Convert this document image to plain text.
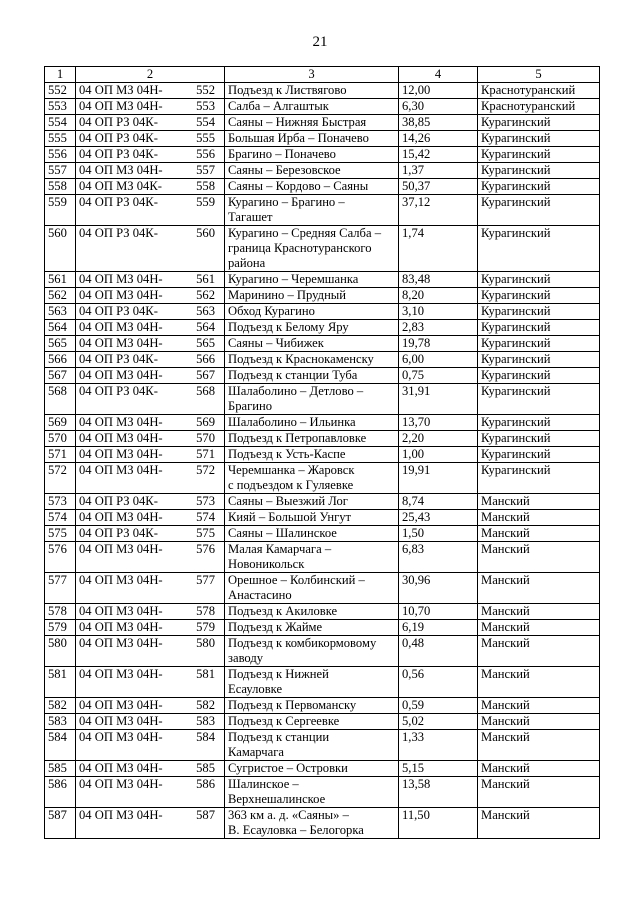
21
1	2	3	4	5
552	04 ОП МЗ 04Н- 552	Подъезд к Листвягово	12,00	Краснотуранский
553	04 ОП МЗ 04Н- 553	Салба – Алгаштык	6,30	Краснотуранский
554	04 ОП РЗ 04К- 554	Саяны – Нижняя Быстрая	38,85	Курагинский
555	04 ОП РЗ 04К- 555	Большая Ирба – Поначево	14,26	Курагинский
556	04 ОП РЗ 04К- 556	Брагино – Поначево	15,42	Курагинский
557	04 ОП МЗ 04Н- 557	Саяны – Березовское	1,37	Курагинский
558	04 ОП МЗ 04К- 558	Саяны – Кордово – Саяны	50,37	Курагинский
559	04 ОП РЗ 04К- 559	Курагино – Брагино –
Тагашет	37,12	Курагинский
560	04 ОП РЗ 04К- 560	Курагино – Средняя Салба –
граница Краснотуранского
района	1,74	Курагинский
561	04 ОП МЗ 04Н- 561	Курагино – Черемшанка	83,48	Курагинский
562	04 ОП МЗ 04Н- 562	Маринино – Прудный	8,20	Курагинский
563	04 ОП РЗ 04К- 563	Обход Курагино	3,10	Курагинский
564	04 ОП МЗ 04Н- 564	Подъезд к Белому Яру	2,83	Курагинский
565	04 ОП МЗ 04Н- 565	Саяны – Чибижек	19,78	Курагинский
566	04 ОП РЗ 04К- 566	Подъезд к Краснокаменску	6,00	Курагинский
567	04 ОП МЗ 04Н- 567	Подъезд к станции Туба	0,75	Курагинский
568	04 ОП РЗ 04К- 568	Шалаболино – Детлово –
Брагино	31,91	Курагинский
569	04 ОП МЗ 04Н- 569	Шалаболино – Ильинка	13,70	Курагинский
570	04 ОП МЗ 04Н- 570	Подъезд к Петропавловке	2,20	Курагинский
571	04 ОП МЗ 04Н- 571	Подъезд к Усть-Каспе	1,00	Курагинский
572	04 ОП МЗ 04Н- 572	Черемшанка – Жаровск
с подъездом к Гуляевке	19,91	Курагинский
573	04 ОП РЗ 04К- 573	Саяны – Выезжий Лог	8,74	Манский
574	04 ОП МЗ 04Н- 574	Кияй – Большой Унгут	25,43	Манский
575	04 ОП РЗ 04К- 575	Саяны – Шалинское	1,50	Манский
576	04 ОП МЗ 04Н- 576	Малая Камарчага –
Новоникольск	6,83	Манский
577	04 ОП МЗ 04Н- 577	Орешное – Колбинский –
Анастасино	30,96	Манский
578	04 ОП МЗ 04Н- 578	Подъезд к Акиловке	10,70	Манский
579	04 ОП МЗ 04Н- 579	Подъезд к Жайме	6,19	Манский
580	04 ОП МЗ 04Н- 580	Подъезд к комбикормовому
заводу	0,48	Манский
581	04 ОП МЗ 04Н- 581	Подъезд к Нижней
Есауловке	0,56	Манский
582	04 ОП МЗ 04Н- 582	Подъезд к Первоманску	0,59	Манский
583	04 ОП МЗ 04Н- 583	Подъезд к Сергеевке	5,02	Манский
584	04 ОП МЗ 04Н- 584	Подъезд к станции
Камарчага	1,33	Манский
585	04 ОП МЗ 04Н- 585	Сугристое – Островки	5,15	Манский
586	04 ОП МЗ 04Н- 586	Шалинское –
Верхнешалинское	13,58	Манский
587	04 ОП МЗ 04Н- 587	363 км а. д. «Саяны» –
В. Есауловка – Белогорка	11,50	Манский
